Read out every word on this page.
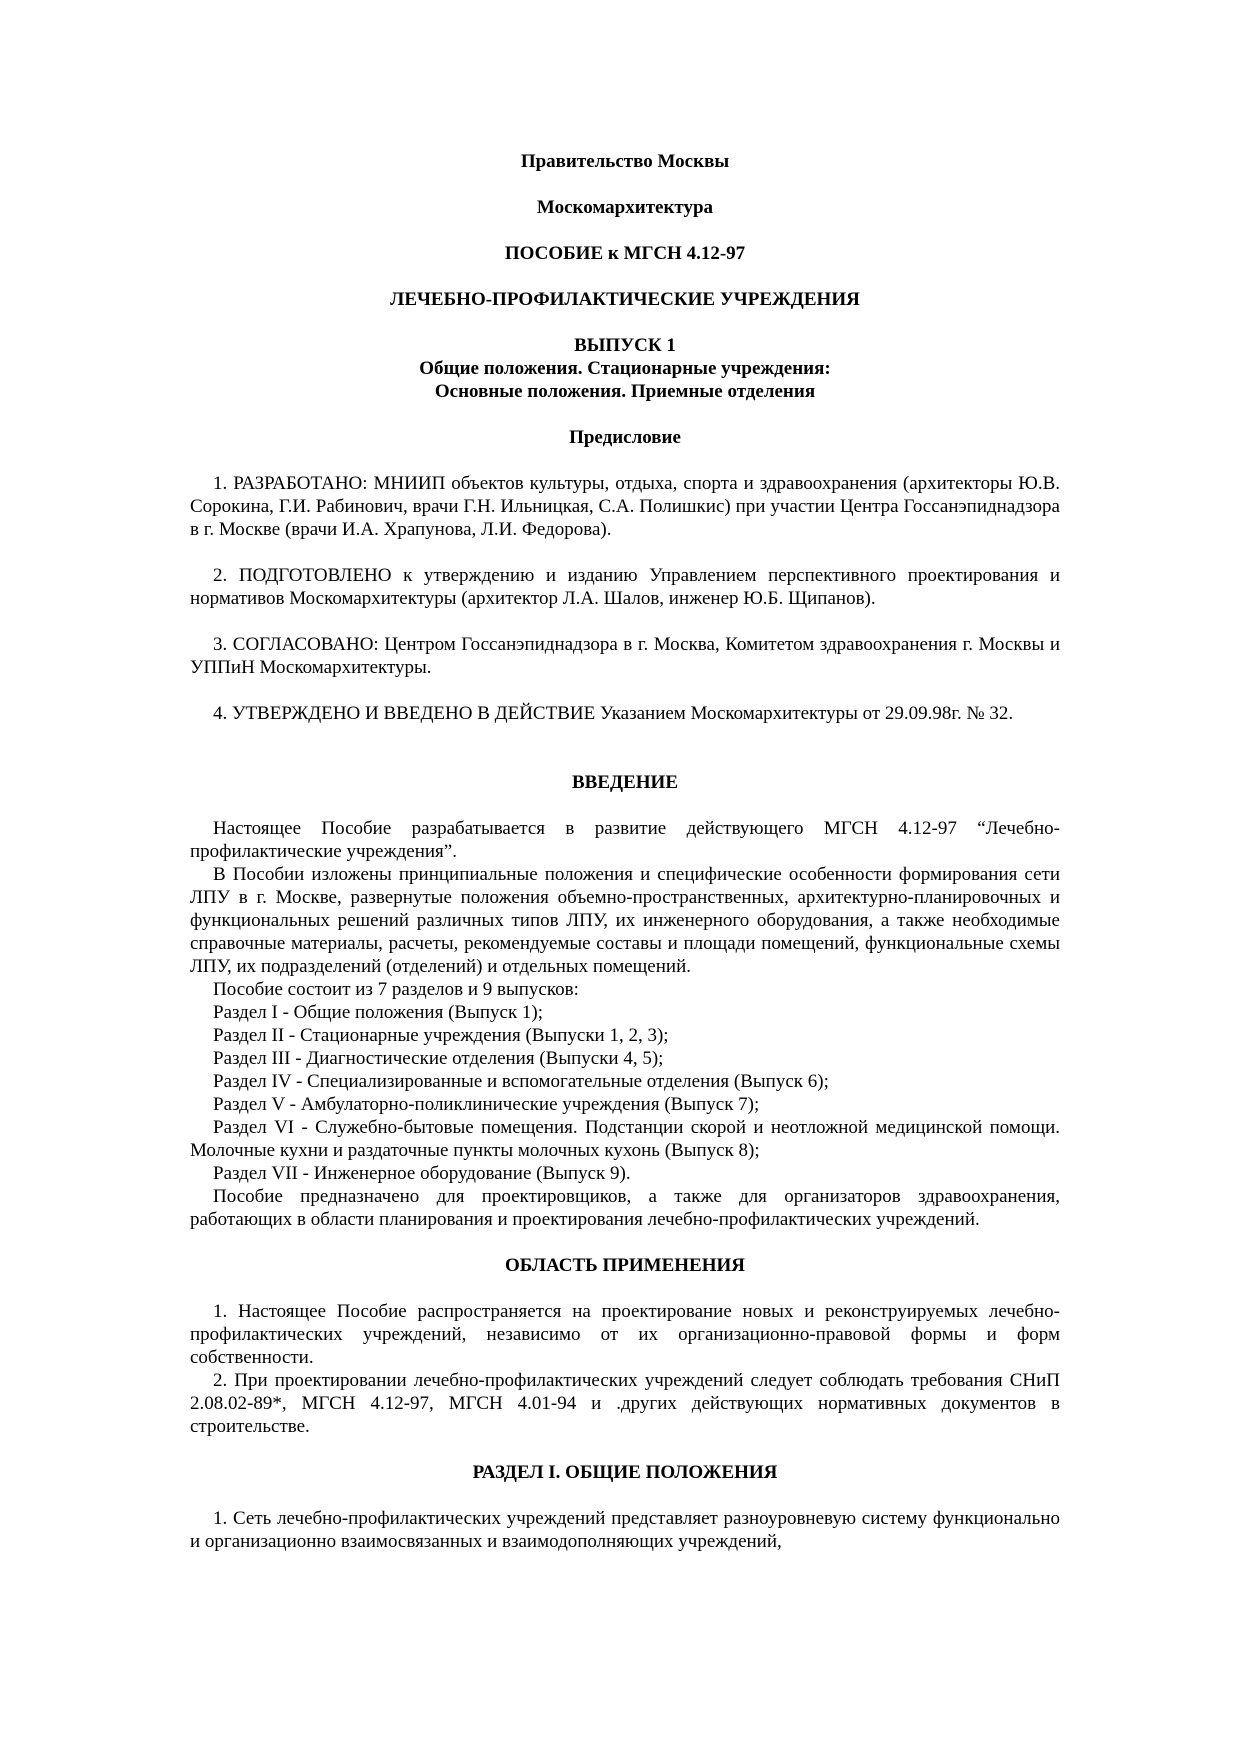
Правительство Москвы
Москомархитектура
ПОСОБИЕ к МГСН 4.12-97
ЛЕЧЕБНО-ПРОФИЛАКТИЧЕСКИЕ УЧРЕЖДЕНИЯ
ВЫПУСК 1
Общие положения. Стационарные учреждения:
Основные положения. Приемные отделения
Предисловие

1. РАЗРАБОТАНО: МНИИП объектов культуры, отдыха, спорта и здравоохранения (архитекторы Ю.В. Сорокина, Г.И. Рабинович, врачи Г.Н. Ильницкая, С.А. Полишкис) при участии Центра Госсанэпиднадзора в г. Москве (врачи И.А. Храпунова, Л.И. Федорова).

2. ПОДГОТОВЛЕНО к утверждению и изданию Управлением перспективного проектирования и нормативов Москомархитектуры (архитектор Л.А. Шалов, инженер Ю.Б. Щипанов).

3. СОГЛАСОВАНО: Центром Госсанэпиднадзора в г. Москва, Комитетом здравоохранения г. Москвы и УППиН Москомархитектуры.

4. УТВЕРЖДЕНО И ВВЕДЕНО В ДЕЙСТВИЕ Указанием Москомархитектуры от 29.09.98г. № 32.

ВВЕДЕНИЕ

Настоящее Пособие разрабатывается в развитие действующего МГСН 4.12-97 “Лечебно-профилактические учреждения”.

В Пособии изложены принципиальные положения и специфические особенности формирования сети ЛПУ в г. Москве, развернутые положения объемно-пространственных, архитектурно-планировочных и функциональных решений различных типов ЛПУ, их инженерного оборудования, а также необходимые справочные материалы, расчеты, рекомендуемые составы и площади помещений, функциональные схемы ЛПУ, их подразделений (отделений) и отдельных помещений.

Пособие состоит из 7 разделов и 9 выпусков:

Раздел I - Общие положения (Выпуск 1);

Раздел II - Стационарные учреждения (Выпуски 1, 2, 3);

Раздел III - Диагностические отделения (Выпуски 4, 5);

Раздел IV - Специализированные и вспомогательные отделения (Выпуск 6);

Раздел V - Амбулаторно-поликлинические учреждения (Выпуск 7);

Раздел VI - Служебно-бытовые помещения. Подстанции скорой и неотложной медицинской помощи. Молочные кухни и раздаточные пункты молочных кухонь (Выпуск 8);

Раздел VII - Инженерное оборудование (Выпуск 9).

Пособие предназначено для проектировщиков, а также для организаторов здравоохранения, работающих в области планирования и проектирования лечебно-профилактических учреждений.

ОБЛАСТЬ ПРИМЕНЕНИЯ

1. Настоящее Пособие распространяется на проектирование новых и реконструируемых лечебно-профилактических учреждений, независимо от их организационно-правовой формы и форм собственности.

2. При проектировании лечебно-профилактических учреждений следует соблюдать требования СНиП 2.08.02-89*, МГСН 4.12-97, МГСН 4.01-94 и .других действующих нормативных документов в строительстве.

РАЗДЕЛ I. ОБЩИЕ ПОЛОЖЕНИЯ

1. Сеть лечебно-профилактических учреждений представляет разноуровневую систему функционально и организационно взаимосвязанных и взаимодополняющих учреждений,
